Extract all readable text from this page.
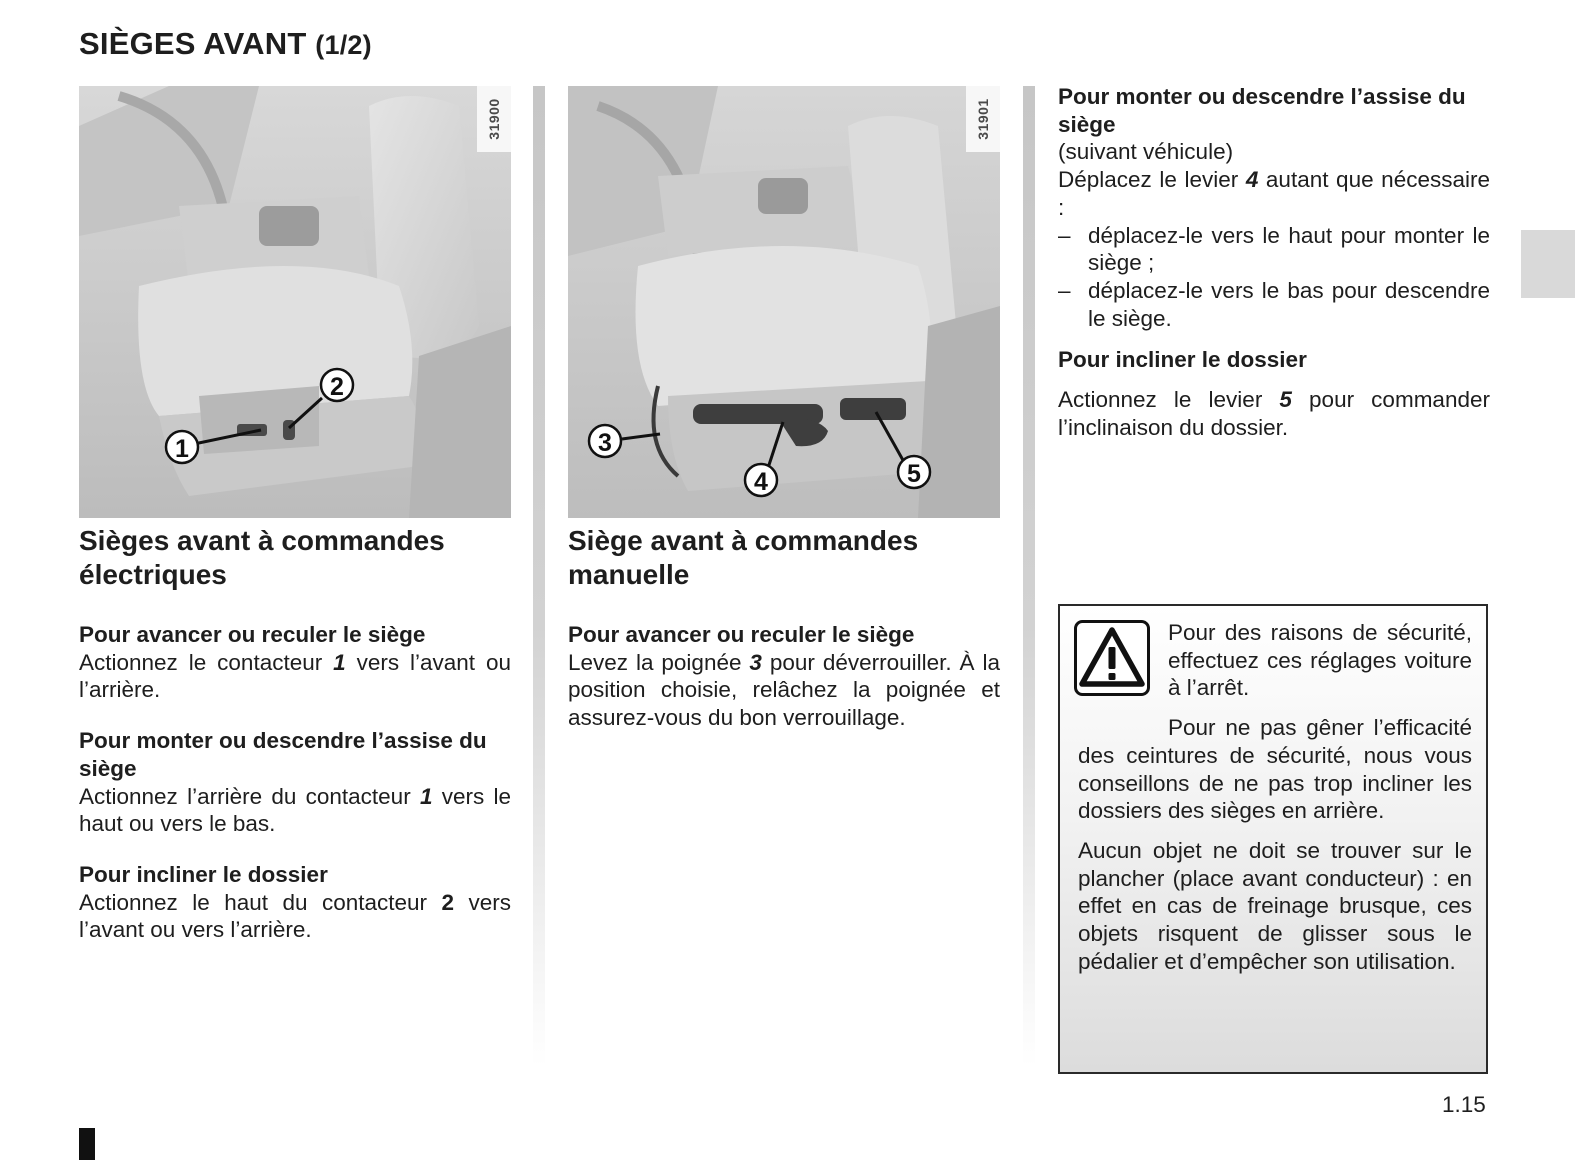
SIÈGES AVANT (1/2)
1
2
31900
3
4	5
31901
Sièges avant à commandes électriques
Pour avancer ou reculer le siège

Actionnez le contacteur 1 vers l’avant ou l’arrière.

Pour monter ou descendre l’assise du siège

Actionnez l’arrière du contacteur 1 vers le haut ou vers le bas.

Pour incliner le dossier

Actionnez le haut du contacteur 2 vers l’avant ou vers l’arrière.

Siège avant à commandes manuelle
Pour avancer ou reculer le siège

Levez la poignée 3 pour déverrouiller. À la position choisie, relâchez la poignée et assurez-vous du bon verrouillage.

Pour monter ou descendre l’assise du siège
(suivant véhicule)

Déplacez le levier 4 autant que nécessaire :

– déplacez-le vers le haut pour monter le siège ;
– déplacez-le vers le bas pour descendre le siège.
Pour incliner le dossier

Actionnez le levier 5 pour commander l’inclinaison du dossier.

Pour des raisons de sécurité, effectuez ces réglages voiture à l’arrêt.

Pour ne pas gêner l’efficacité des ceintures de sécurité, nous vous conseillons de ne pas trop incliner les dossiers des sièges en arrière.

Aucun objet ne doit se trouver sur le plancher (place avant conducteur) : en effet en cas de freinage brusque, ces objets risquent de glisser sous le pédalier et d’empêcher son utilisation.

1.15
